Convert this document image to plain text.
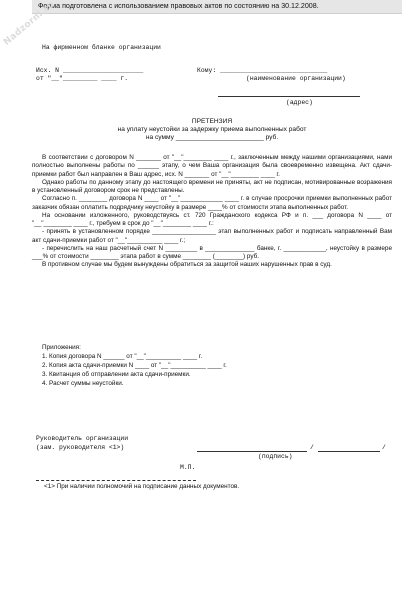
Форма подготовлена с использованием правовых актов по состоянию на 30.12.2008.
Nadzorni.ru
На фирменном бланке организации
Исх. N _____________________
от "__"_________ ____ г.
Кому: ____________________________
(наименование организации)
(адрес)
ПРЕТЕНЗИЯ
на уплату неустойки за задержку приема выполненных работ
на сумму ________________________ руб.

В соответствии с договором N _______ от "__"________ ____ г., заключенным между нашими организациями, нами полностью выполнены работы по ______ этапу, о чем Ваша организация была своевременно извещена. Акт сдачи-приемки работ был направлен в Ваш адрес, исх. N _______ от "__"________ ____ г.

Однако работы по данному этапу до настоящего времени не приняты, акт не подписан, мотивированные возражения в установленный договором срок не представлены.

Согласно п. ________ договора N ____ от "__"____________ ____ г. в случае просрочки приемки выполненных работ заказчик обязан оплатить подрядчику неустойку в размере ____% от стоимости этапа выполненных работ.

На основании изложенного, руководствуясь ст. 720 Гражданского кодекса РФ и п. ___ договора N ____ от "__"________ ____ г., требуем в срок до "__"________ ____ г.:

- принять в установленном порядке __________________ этап выполненных работ и подписать направленный Вам акт сдачи-приемки работ от "__"__________ ____ г.;

- перечислить на наш расчетный счет N _________ в ______________ банке, г. ____________, неустойку в размере ___% от стоимости ________ этапа работ в сумме ________ (________) руб.

В противном случае мы будем вынуждены обратиться за защитой наших нарушенных прав в суд.

Приложения:

1. Копия договора N ______ от "__"__________ ____ г.

2. Копия акта сдачи-приемки N ____ от "__"__________ ____ г.

3. Квитанция об отправлении акта сдачи-приемки.

4. Расчет суммы неустойки.

Руководитель организации
(зам. руководителя <1>)	/	/
(подпись)
М.П.
<1> При наличии полномочий на подписание данных документов.
